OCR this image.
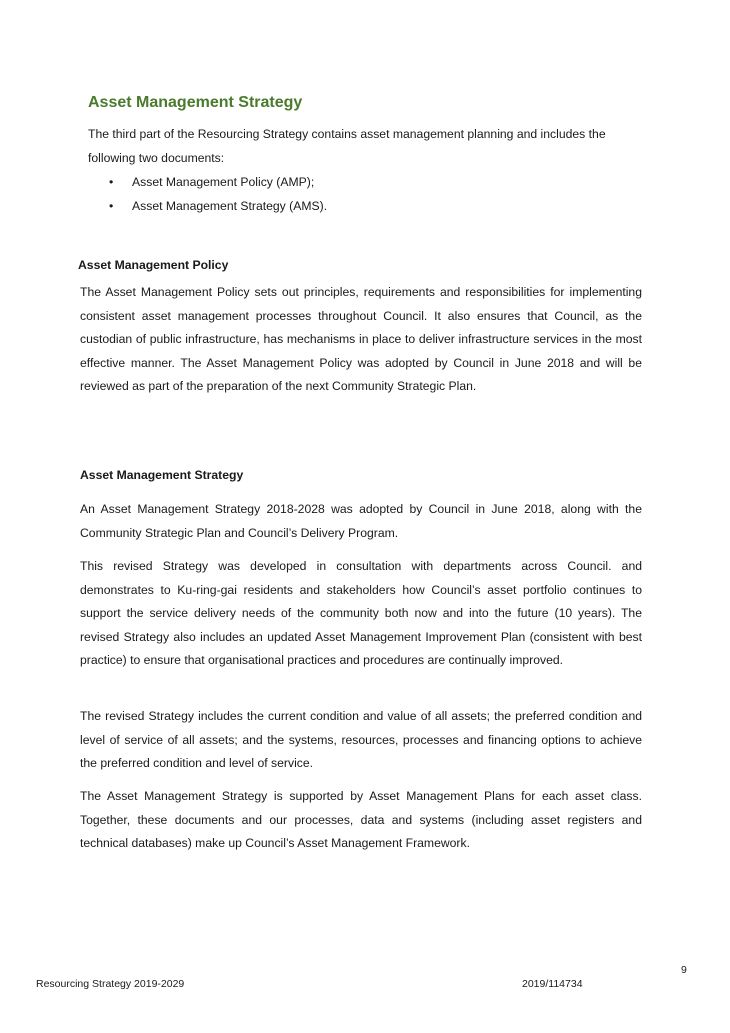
Asset Management Strategy

The third part of the Resourcing Strategy contains asset management planning and includes the following two documents:

• Asset Management Policy (AMP);
• Asset Management Strategy (AMS).
Asset Management Policy

The Asset Management Policy sets out principles, requirements and responsibilities for implementing consistent asset management processes throughout Council. It also ensures that Council, as the custodian of public infrastructure, has mechanisms in place to deliver infrastructure services in the most effective manner. The Asset Management Policy was adopted by Council in June 2018 and will be reviewed as part of the preparation of the next Community Strategic Plan.

Asset Management Strategy

An Asset Management Strategy 2018-2028 was adopted by Council in June 2018, along with the Community Strategic Plan and Council’s Delivery Program.

This revised Strategy was developed in consultation with departments across Council. and demonstrates to Ku-ring-gai residents and stakeholders how Council’s asset portfolio continues to support the service delivery needs of the community both now and into the future (10 years). The revised Strategy also includes an updated Asset Management Improvement Plan (consistent with best practice) to ensure that organisational practices and procedures are continually improved.

The revised Strategy includes the current condition and value of all assets; the preferred condition and level of service of all assets; and the systems, resources, processes and financing options to achieve the preferred condition and level of service.

The Asset Management Strategy is supported by Asset Management Plans for each asset class. Together, these documents and our processes, data and systems (including asset registers and technical databases) make up Council’s Asset Management Framework.

9
Resourcing Strategy 2019-2029	2019/114734
